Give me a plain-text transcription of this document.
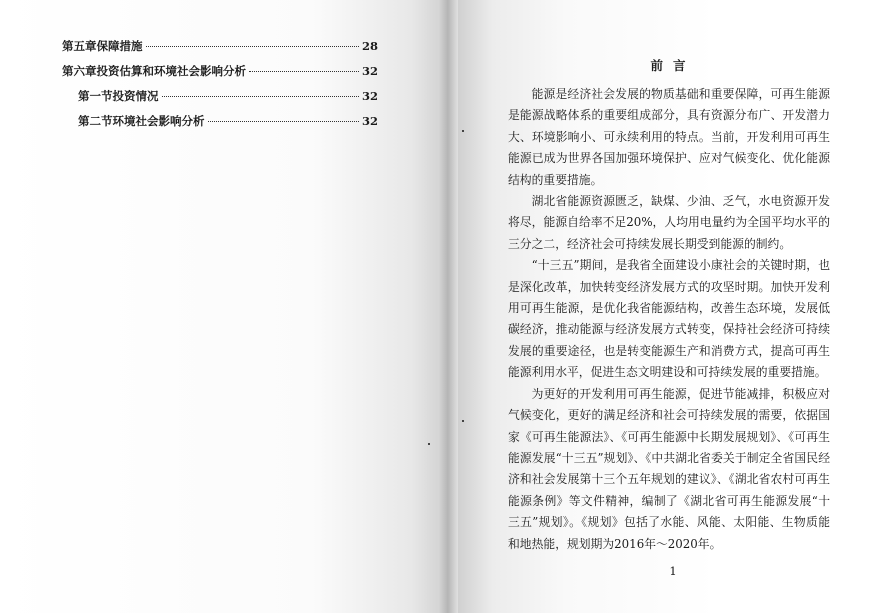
第五章保障措施	28
第六章投资估算和环境社会影响分析	32
第一节投资情况	32
第二节环境社会影响分析	32
前言

能源是经济社会发展的物质基础和重要保障，可再生能源是能源战略体系的重要组成部分，具有资源分布广、开发潜力大、环境影响小、可永续利用的特点。当前，开发利用可再生能源已成为世界各国加强环境保护、应对气候变化、优化能源结构的重要措施。

湖北省能源资源匮乏，缺煤、少油、乏气，水电资源开发将尽，能源自给率不足20%，人均用电量约为全国平均水平的三分之二，经济社会可持续发展长期受到能源的制约。

“十三五”期间，是我省全面建设小康社会的关键时期，也是深化改革，加快转变经济发展方式的攻坚时期。加快开发利用可再生能源，是优化我省能源结构，改善生态环境，发展低碳经济，推动能源与经济发展方式转变，保持社会经济可持续发展的重要途径，也是转变能源生产和消费方式，提高可再生能源利用水平，促进生态文明建设和可持续发展的重要措施。

为更好的开发利用可再生能源，促进节能减排，积极应对气候变化，更好的满足经济和社会可持续发展的需要，依据国家《可再生能源法》、《可再生能源中长期发展规划》、《可再生能源发展“十三五”规划》、《中共湖北省委关于制定全省国民经济和社会发展第十三个五年规划的建议》、《湖北省农村可再生能源条例》等文件精神，编制了《湖北省可再生能源发展“十三五”规划》。《规划》包括了水能、风能、太阳能、生物质能和地热能，规划期为2016年～2020年。

1
